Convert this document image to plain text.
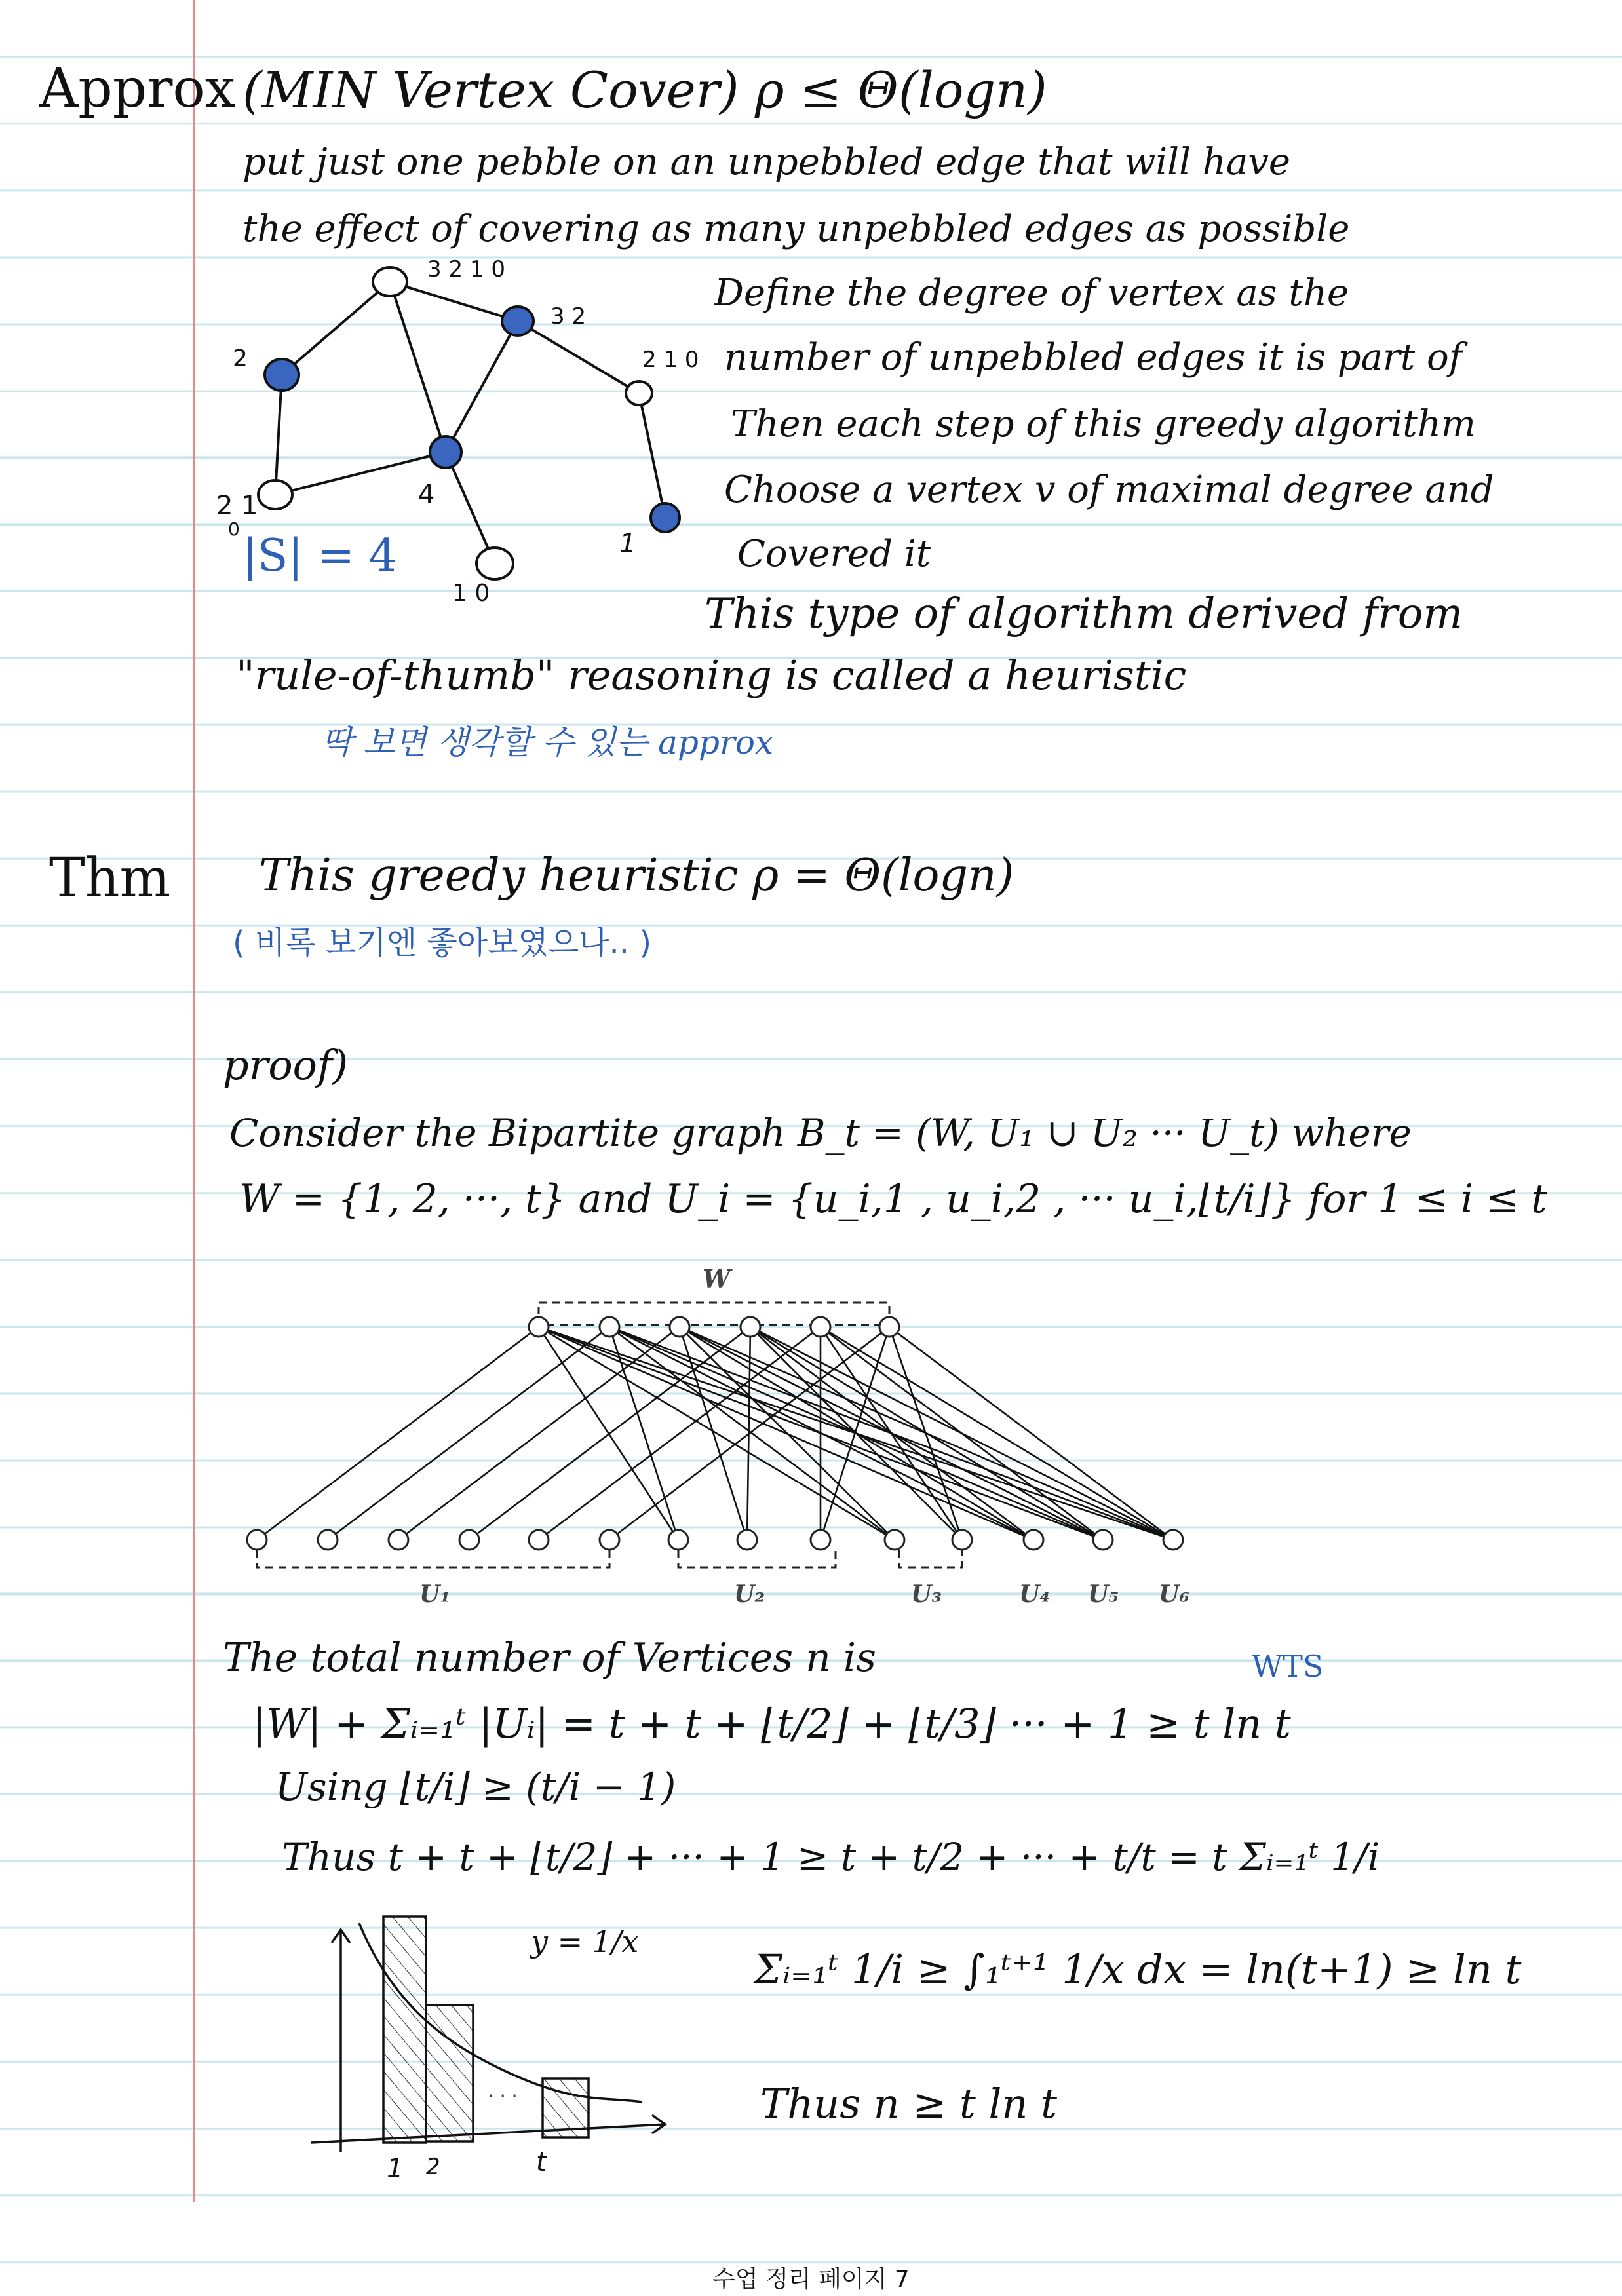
Approx
Thm
(MIN Vertex Cover) ρ ≤ Θ(logn)
put just one pebble on an unpebbled edge that will have
the effect of covering as many unpebbled edges as possible
Define the degree of vertex as the
number of unpebbled edges it is part of
Then each step of this greedy algorithm
Choose a vertex v of maximal degree and
Covered it
This type of algorithm derived from
"rule-of-thumb" reasoning is called a heuristic
딱 보면 생각할 수 있는 approx
3 2 1 0
3 2
2	2 1 0
4
2 1
0	1
1 0
|S| = 4
This greedy heuristic ρ = Θ(logn)
( 비록 보기엔 좋아보였으나.. )
proof)
Consider the Bipartite graph B_t = (W, U₁ ∪ U₂ ··· U_t) where
W = {1, 2, ···, t} and U_i = {u_i,1 , u_i,2 , ··· u_i,⌊t/i⌋} for 1 ≤ i ≤ t
W
U₁	U₂	U₃	U₄ U₅ U₆
The total number of Vertices n is	WTS
|W| + Σᵢ₌₁ᵗ |Uᵢ| = t + t + ⌊t/2⌋ + ⌊t/3⌋ ··· + 1 ≥ t ln t
Using ⌊t/i⌋ ≥ (t/i − 1)
Thus t + t + ⌊t/2⌋ + ··· + 1 ≥ t + t/2 + ··· + t/t = t Σᵢ₌₁ᵗ 1/i
· · ·
y = 1/x
1 2	t
Σᵢ₌₁ᵗ 1/i ≥ ∫₁ᵗ⁺¹ 1/x dx = ln(t+1) ≥ ln t
Thus n ≥ t ln t
수업 정리 페이지 7
